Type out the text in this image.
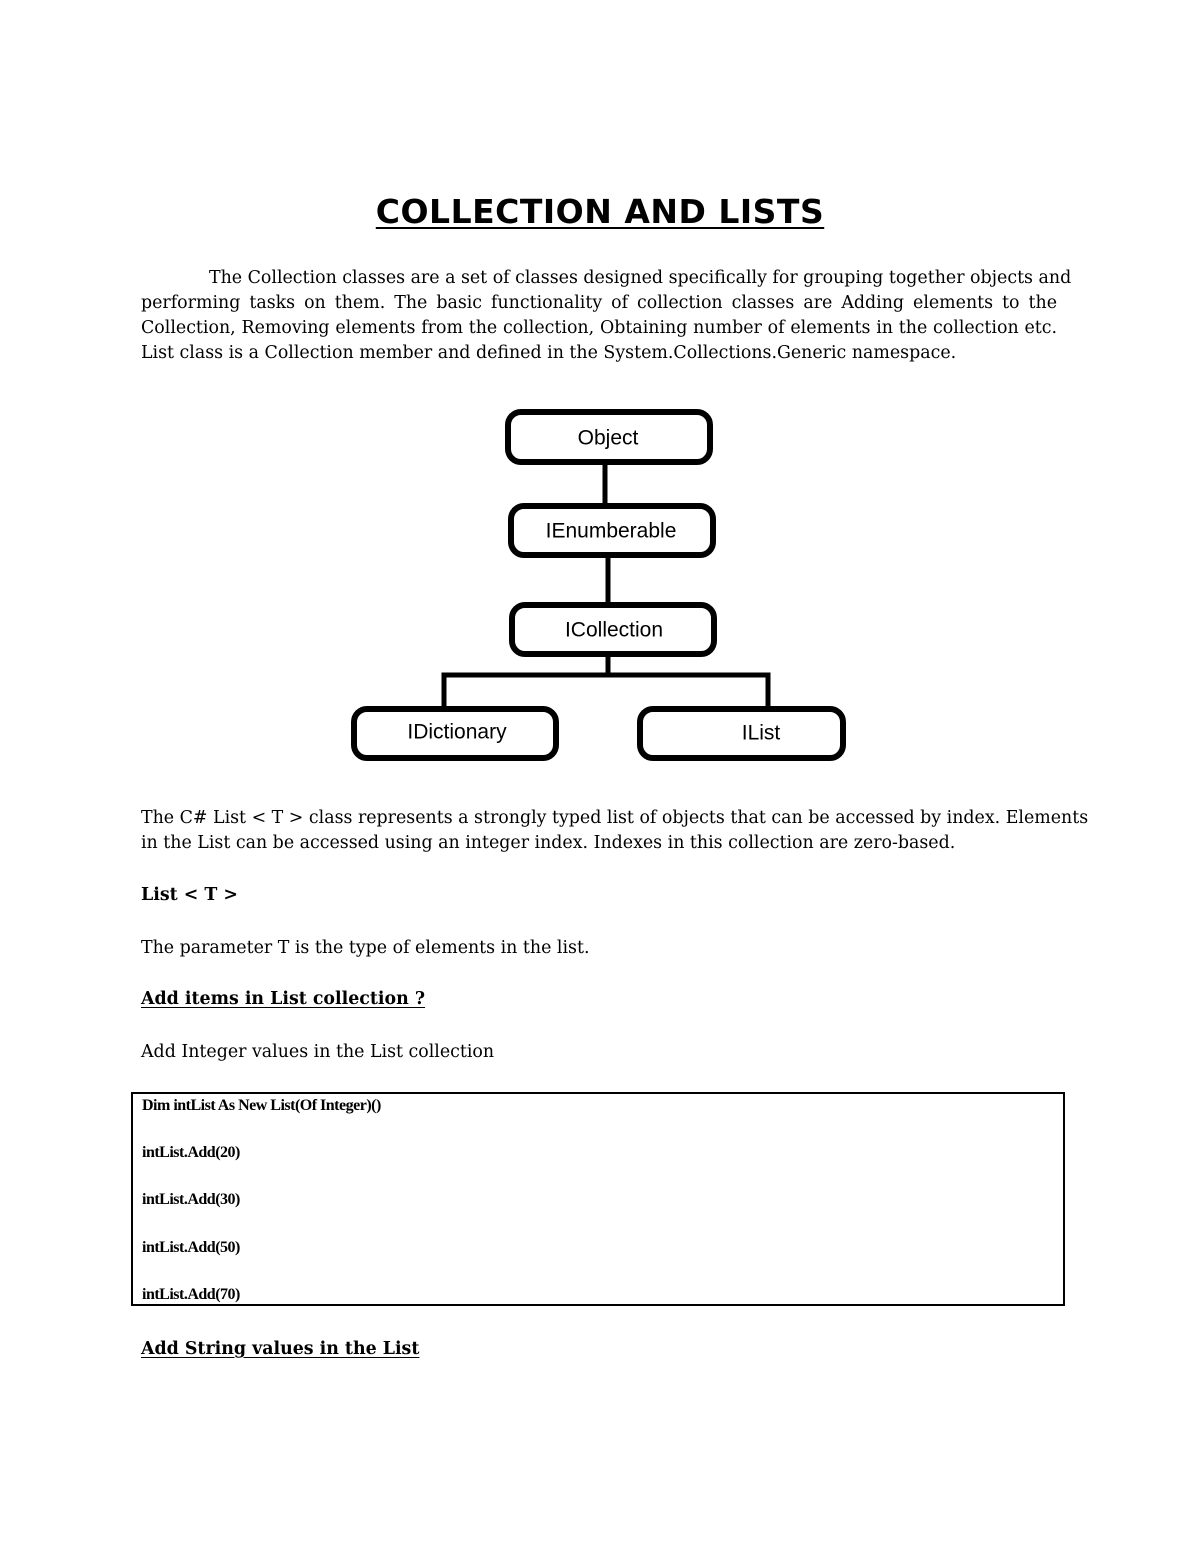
COLLECTION AND LISTS
The Collection classes are a set of classes designed specifically for grouping together objects and
performing tasks on them. The basic functionality of collection classes are Adding elements to the
Collection, Removing elements from the collection, Obtaining number of elements in the collection etc.
List class is a Collection member and defined in the System.Collections.Generic namespace.
Object
IEnumberable
ICollection
IDictionary	IList
The C# List < T > class represents a strongly typed list of objects that can be accessed by index. Elements
in the List can be accessed using an integer index. Indexes in this collection are zero-based.
List < T >
The parameter T is the type of elements in the list.
Add items in List collection ?
Add Integer values in the List collection
Dim intList As New List(Of Integer)()
intList.Add(20)
intList.Add(30)
intList.Add(50)
intList.Add(70)
Add String values in the List
